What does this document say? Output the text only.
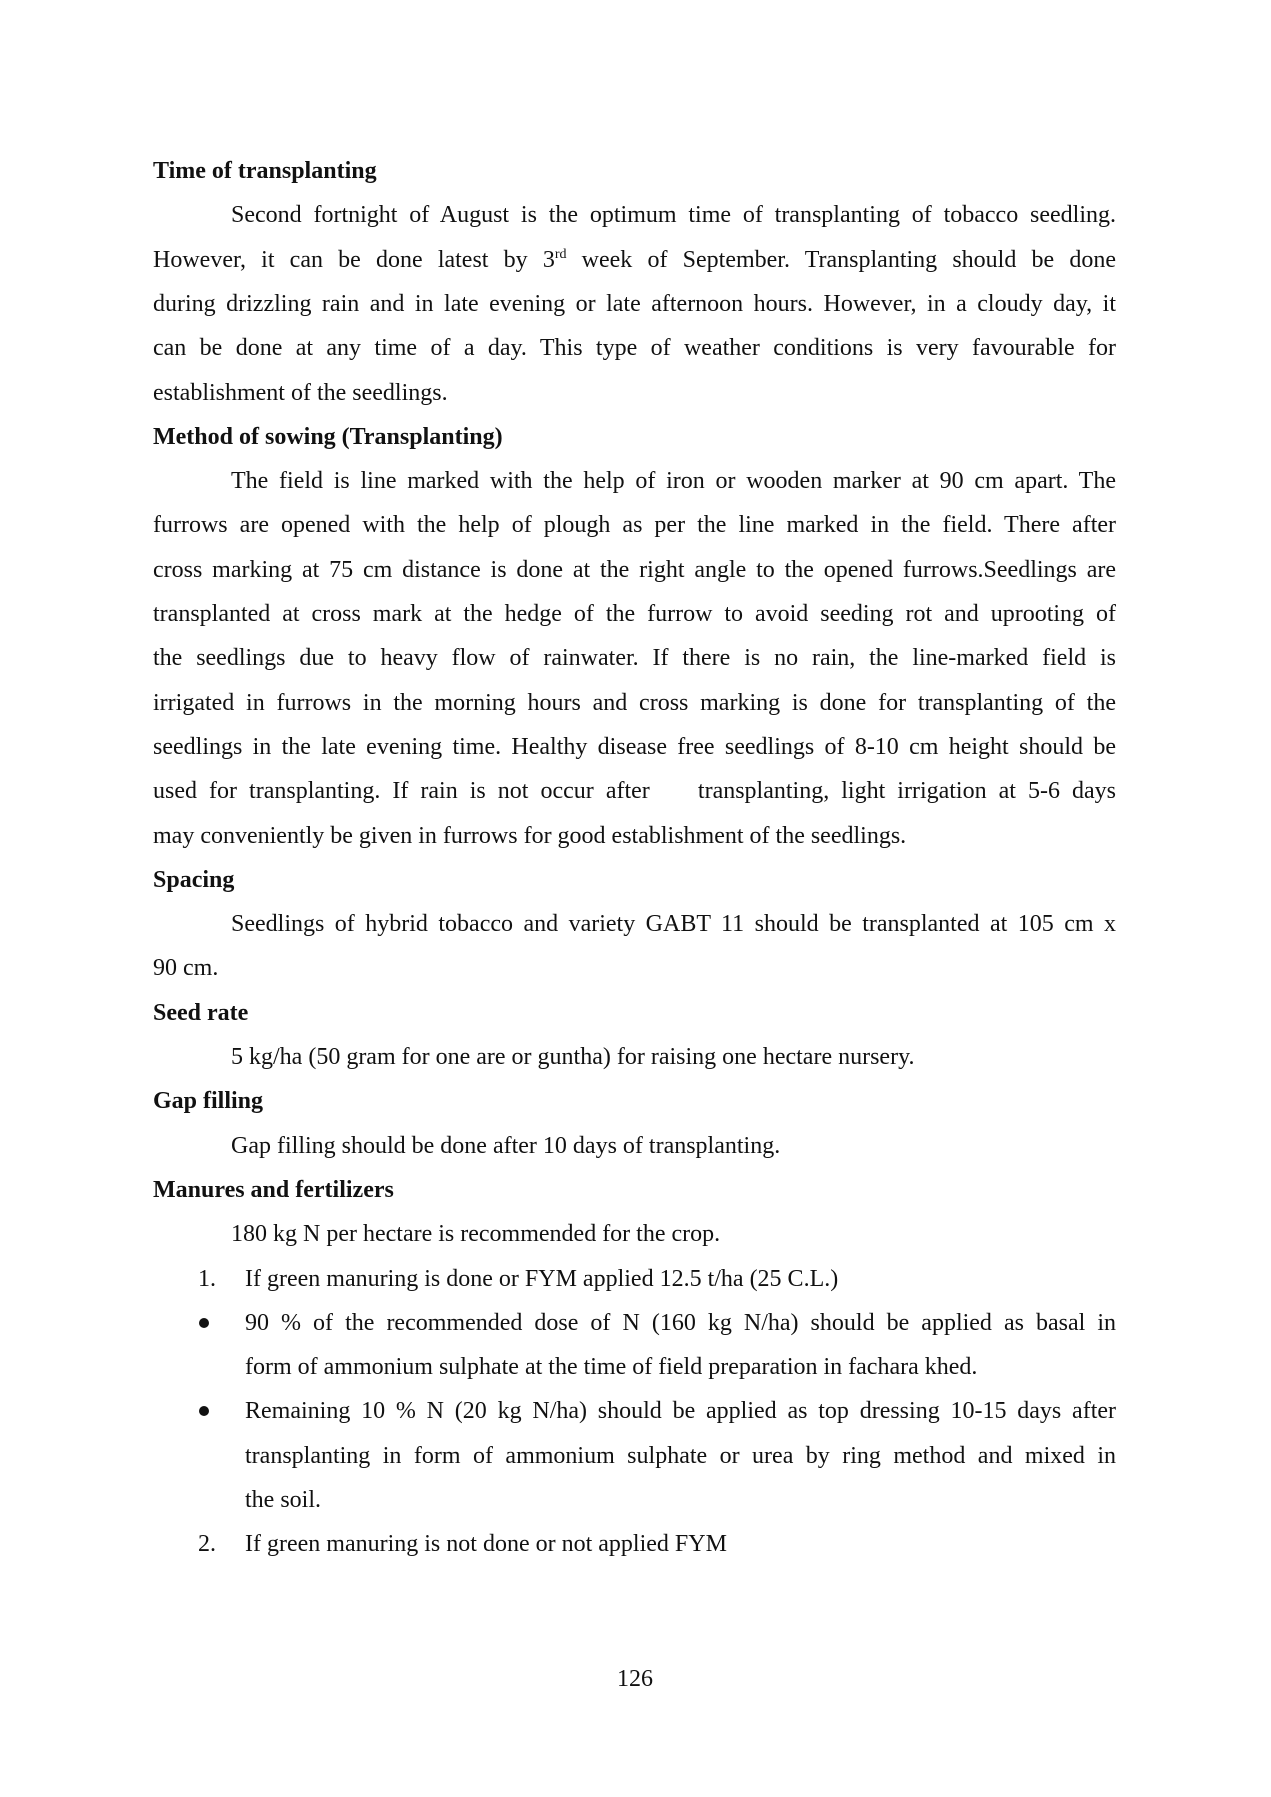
Time of transplanting
Second fortnight of August is the optimum time of transplanting of tobacco seedling.
However, it can be done latest by 3rd week of September. Transplanting should be done
during drizzling rain and in late evening or late afternoon hours. However, in a cloudy day, it
can be done at any time of a day. This type of weather conditions is very favourable for
establishment of the seedlings.
Method of sowing (Transplanting)
The field is line marked with the help of iron or wooden marker at 90 cm apart. The
furrows are opened with the help of plough as per the line marked in the field. There after
cross marking at 75 cm distance is done at the right angle to the opened furrows.Seedlings are
transplanted at cross mark at the hedge of the furrow to avoid seeding rot and uprooting of
the seedlings due to heavy flow of rainwater. If there is no rain, the line-marked field is
irrigated in furrows in the morning hours and cross marking is done for transplanting of the
seedlings in the late evening time. Healthy disease free seedlings of 8-10 cm height should be
used for transplanting. If rain is not occur after    transplanting, light irrigation at 5-6 days
may conveniently be given in furrows for good establishment of the seedlings.
Spacing
Seedlings of hybrid tobacco and variety GABT 11 should be transplanted at 105 cm x
90 cm.
Seed rate
5 kg/ha (50 gram for one are or guntha) for raising one hectare nursery.
Gap filling
Gap filling should be done after 10 days of transplanting.
Manures and fertilizers
180 kg N per hectare is recommended for the crop.
1.	If green manuring is done or FYM applied 12.5 t/ha (25 C.L.)
90 % of the recommended dose of N (160 kg N/ha) should be applied as basal in
form of ammonium sulphate at the time of field preparation in fachara khed.
Remaining 10 % N (20 kg N/ha) should be applied as top dressing 10-15 days after
transplanting in form of ammonium sulphate or urea by ring method and mixed in
the soil.
2.	If green manuring is not done or not applied FYM
126
